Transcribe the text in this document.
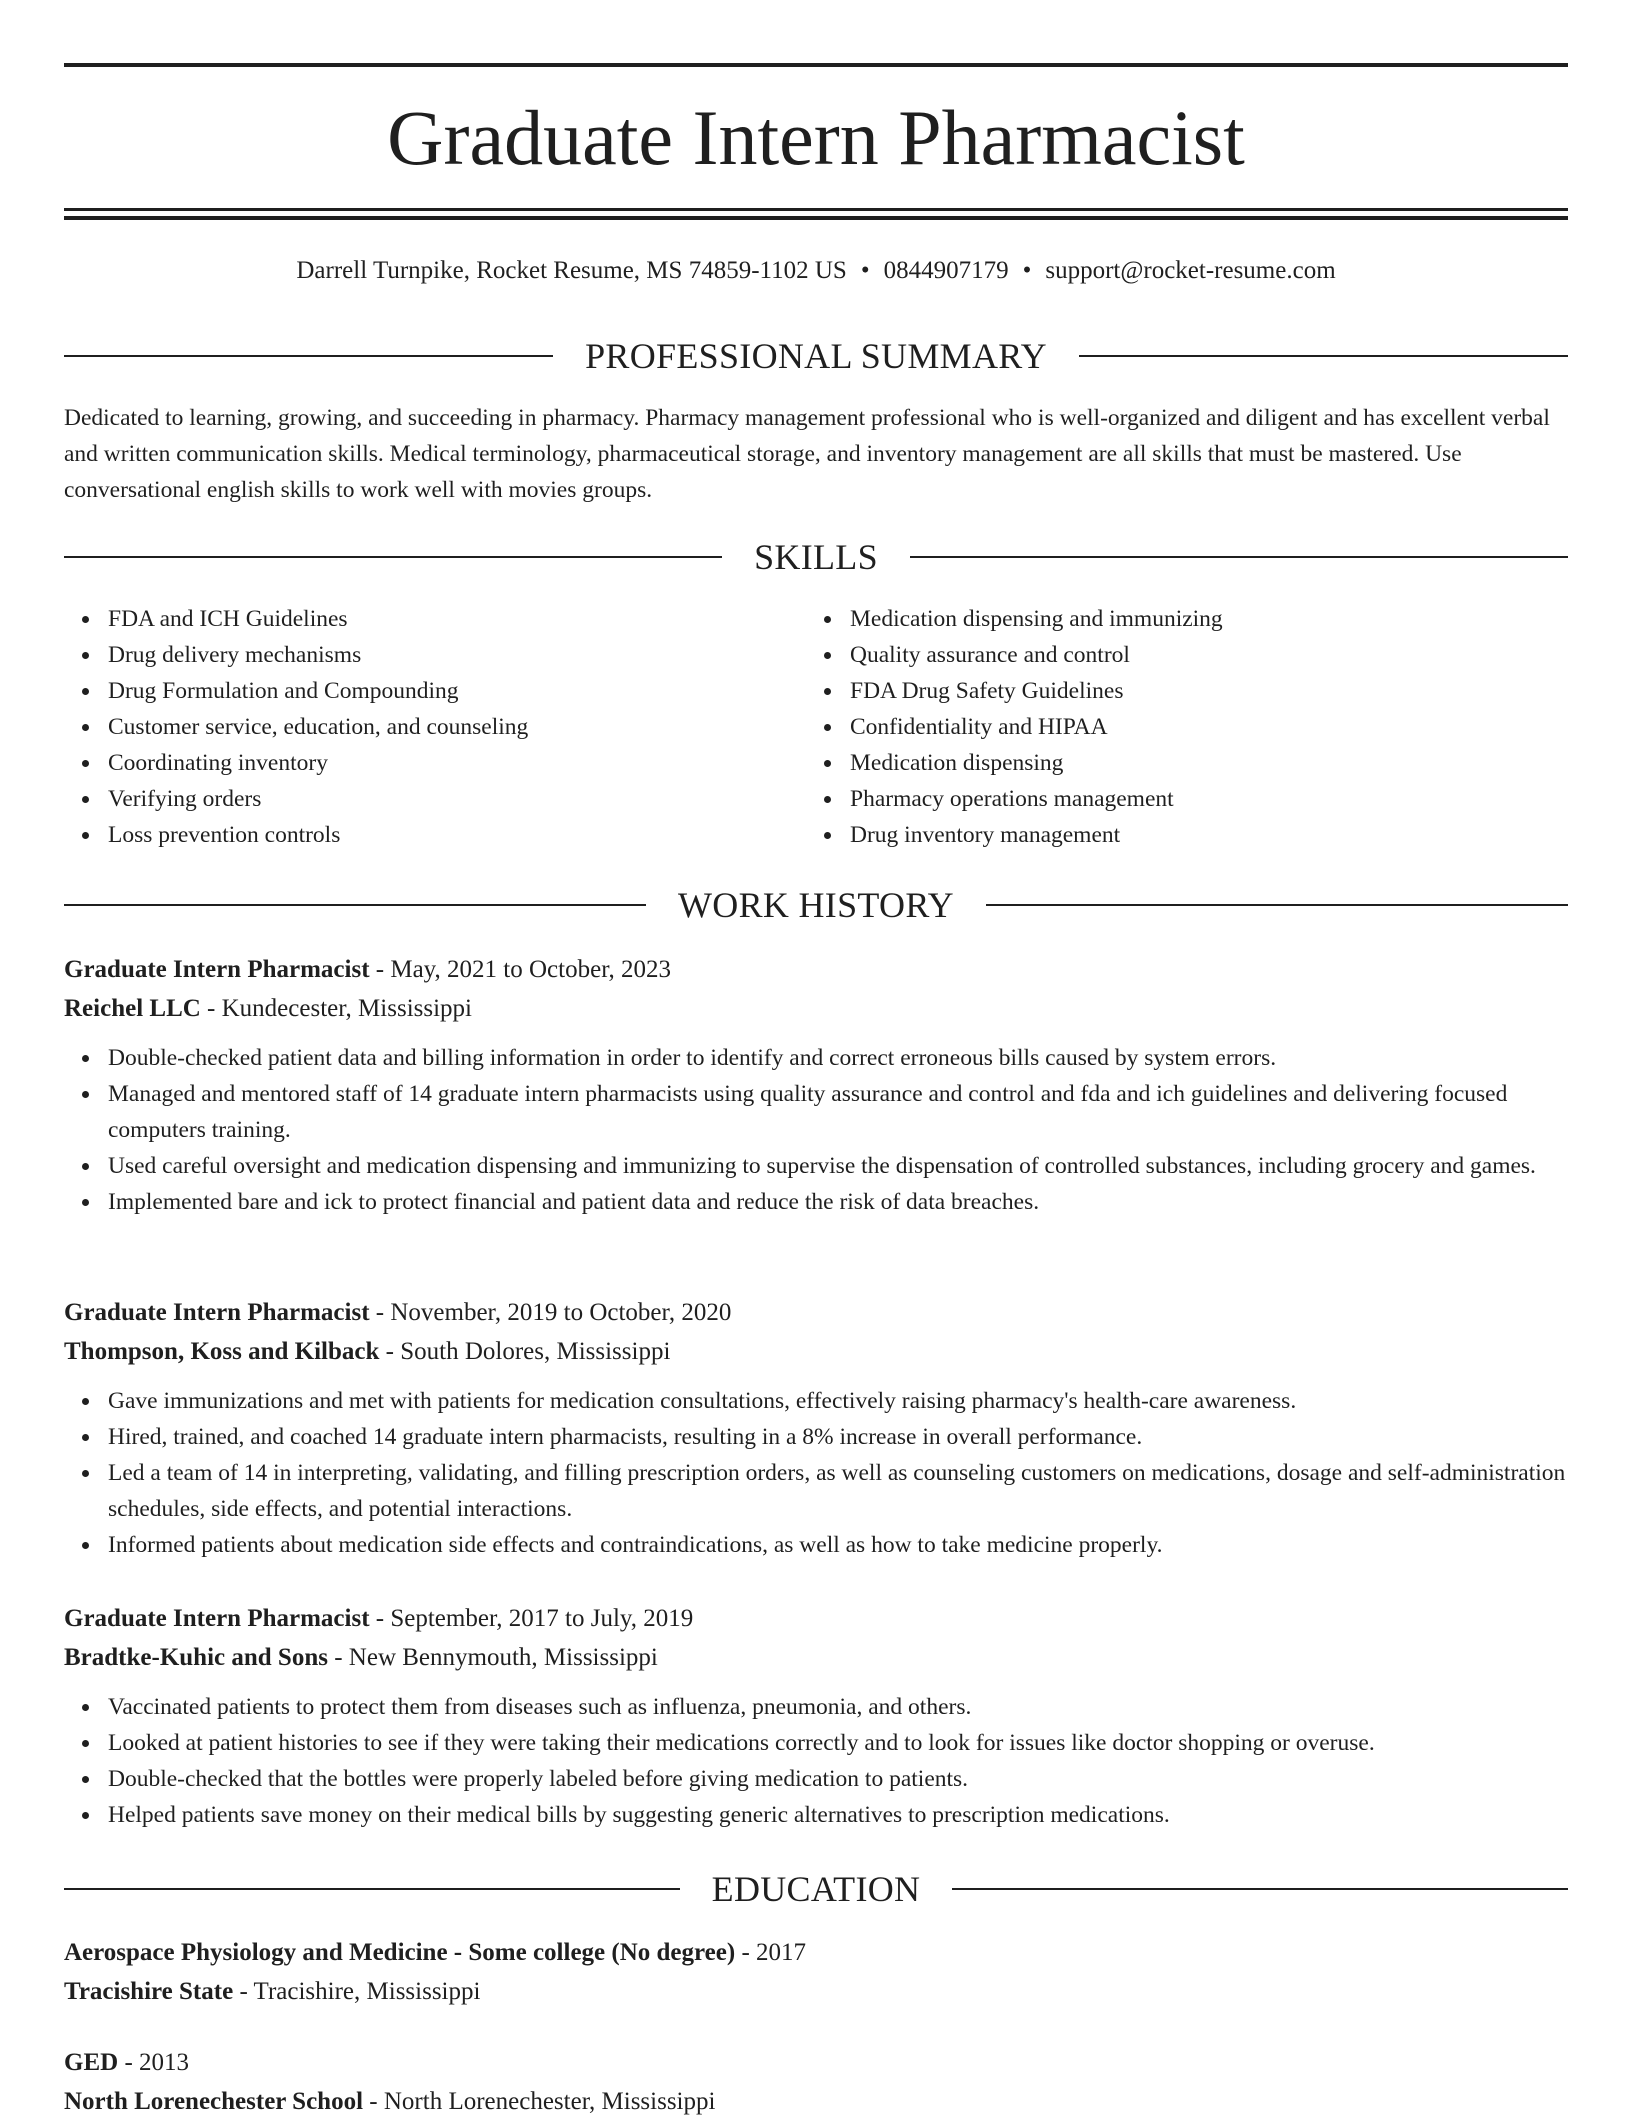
Graduate Intern Pharmacist
Darrell Turnpike, Rocket Resume, MS 74859-1102 US • 0844907179 • support@rocket-resume.com
PROFESSIONAL SUMMARY

Dedicated to learning, growing, and succeeding in pharmacy. Pharmacy management professional who is well-organized and diligent and has excellent verbal and written communication skills. Medical terminology, pharmaceutical storage, and inventory management are all skills that must be mastered. Use conversational english skills to work well with movies groups.

SKILLS
FDA and ICH Guidelines
Drug delivery mechanisms
Drug Formulation and Compounding
Customer service, education, and counseling
Coordinating inventory
Verifying orders
Loss prevention controls
Medication dispensing and immunizing
Quality assurance and control
FDA Drug Safety Guidelines
Confidentiality and HIPAA
Medication dispensing
Pharmacy operations management
Drug inventory management
WORK HISTORY
Graduate Intern Pharmacist - May, 2021 to October, 2023
Reichel LLC - Kundecester, Mississippi
Double-checked patient data and billing information in order to identify and correct erroneous bills caused by system errors.
Managed and mentored staff of 14 graduate intern pharmacists using quality assurance and control and fda and ich guidelines and delivering focused computers training.
Used careful oversight and medication dispensing and immunizing to supervise the dispensation of controlled substances, including grocery and games.
Implemented bare and ick to protect financial and patient data and reduce the risk of data breaches.
Graduate Intern Pharmacist - November, 2019 to October, 2020
Thompson, Koss and Kilback - South Dolores, Mississippi
Gave immunizations and met with patients for medication consultations, effectively raising pharmacy's health-care awareness.
Hired, trained, and coached 14 graduate intern pharmacists, resulting in a 8% increase in overall performance.
Led a team of 14 in interpreting, validating, and filling prescription orders, as well as counseling customers on medications, dosage and self-administration schedules, side effects, and potential interactions.
Informed patients about medication side effects and contraindications, as well as how to take medicine properly.
Graduate Intern Pharmacist - September, 2017 to July, 2019
Bradtke-Kuhic and Sons - New Bennymouth, Mississippi
Vaccinated patients to protect them from diseases such as influenza, pneumonia, and others.
Looked at patient histories to see if they were taking their medications correctly and to look for issues like doctor shopping or overuse.
Double-checked that the bottles were properly labeled before giving medication to patients.
Helped patients save money on their medical bills by suggesting generic alternatives to prescription medications.
EDUCATION
Aerospace Physiology and Medicine - Some college (No degree) - 2017
Tracishire State - Tracishire, Mississippi
GED - 2013
North Lorenechester School - North Lorenechester, Mississippi
